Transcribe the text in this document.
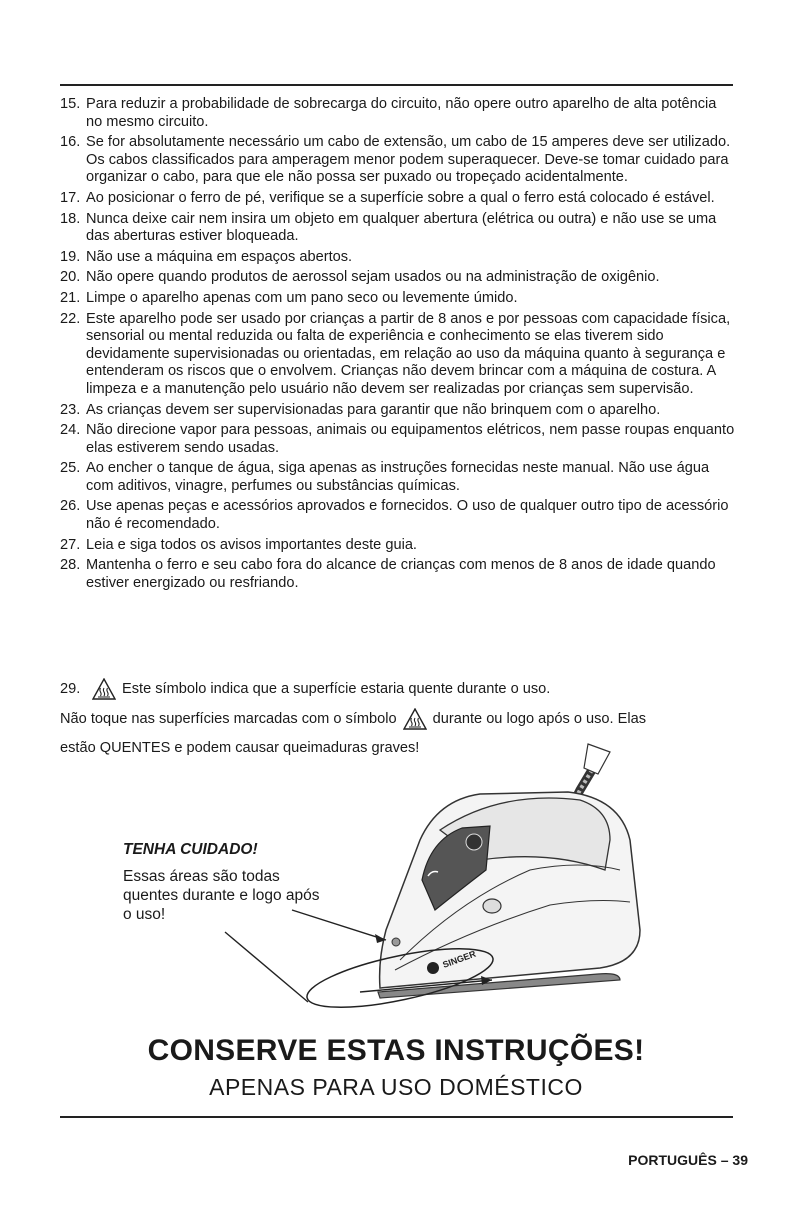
15. Para reduzir a probabilidade de sobrecarga do circuito, não opere outro aparelho de alta potência no mesmo circuito.
16. Se for absolutamente necessário um cabo de extensão, um cabo de 15 amperes deve ser utilizado. Os cabos classificados para amperagem menor podem superaquecer. Deve-se tomar cuidado para organizar o cabo, para que ele não possa ser puxado ou tropeçado acidentalmente.
17. Ao posicionar o ferro de pé, verifique se a superfície sobre a qual o ferro está colocado é estável.
18. Nunca deixe cair nem insira um objeto em qualquer abertura (elétrica ou outra) e não use se uma das aberturas estiver bloqueada.
19. Não use a máquina em espaços abertos.
20. Não opere quando produtos de aerossol sejam usados ou na administração de oxigênio.
21. Limpe o aparelho apenas com um pano seco ou levemente úmido.
22. Este aparelho pode ser usado por crianças a partir de 8 anos e por pessoas com capacidade física, sensorial ou mental reduzida ou falta de experiência e conhecimento se elas tiverem sido devidamente supervisionadas ou orientadas, em relação ao uso da máquina quanto à segurança e entenderam os riscos que o envolvem. Crianças não devem brincar com a máquina de costura. A limpeza e a manutenção pelo usuário não devem ser realizadas por crianças sem supervisão.
23. As crianças devem ser supervisionadas para garantir que não brinquem com o aparelho.
24. Não direcione vapor para pessoas, animais ou equipamentos elétricos, nem passe roupas enquanto elas estiverem sendo usadas.
25. Ao encher o tanque de água, siga apenas as instruções fornecidas neste manual. Não use água com aditivos, vinagre, perfumes ou substâncias químicas.
26. Use apenas peças e acessórios aprovados e fornecidos. O uso de qualquer outro tipo de acessório não é recomendado.
27. Leia e siga todos os avisos importantes deste guia.
28. Mantenha o ferro e seu cabo fora do alcance de crianças com menos de 8 anos de idade quando estiver energizado ou resfriando.
29.	Este símbolo indica que a superfície estaria quente durante o uso.
Não toque nas superfícies marcadas com o símbolo durante ou logo após o uso. Elas
estão QUENTES e podem causar queimaduras graves!
TENHA CUIDADO!
Essas áreas são todas quentes durante e logo após o uso!
SINGER
CONSERVE ESTAS INSTRUÇÕES!
APENAS PARA USO DOMÉSTICO
PORTUGUÊS – 39
